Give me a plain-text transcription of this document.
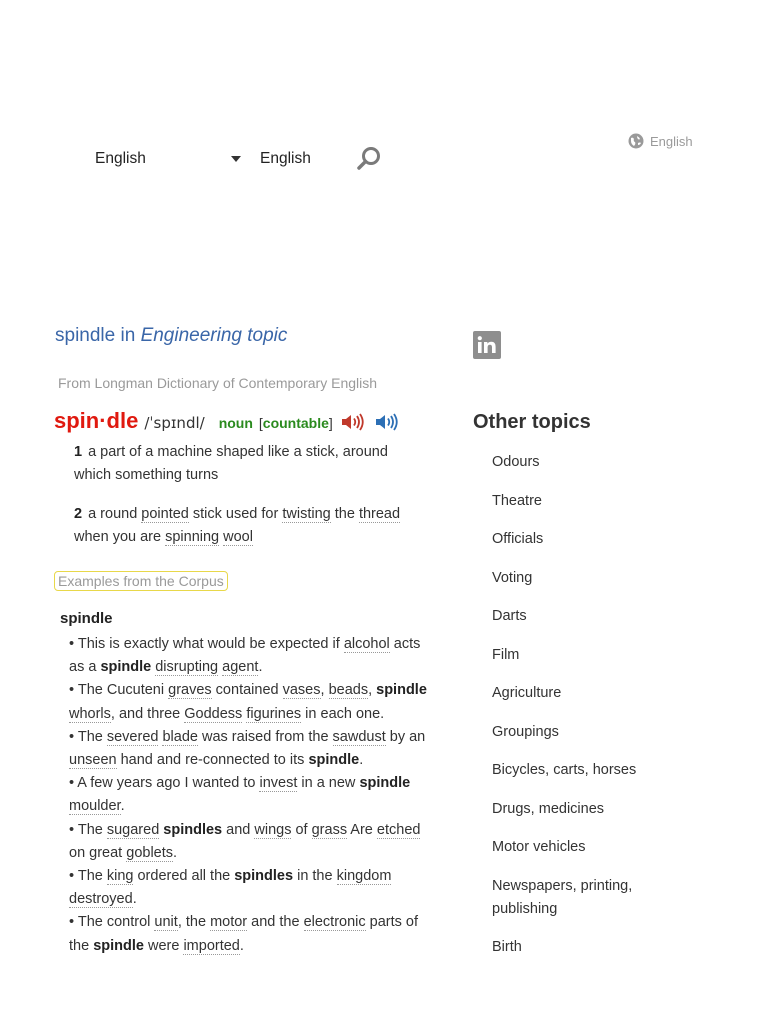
English	English
English
spindle in Engineering topic
From Longman Dictionary of Contemporary English
spin·dle /ˈspɪndl/ noun [countable]
1 a part of a machine shaped like a stick, around which something turns
2 a round pointed stick used for twisting the thread when you are spinning wool
Examples from the Corpus
spindle

• This is exactly what would be expected if alcohol acts as a spindle disrupting agent.

• The Cucuteni graves contained vases, beads, spindle whorls, and three Goddess figurines in each one.

• The severed blade was raised from the sawdust by an unseen hand and re-connected to its spindle.

• A few years ago I wanted to invest in a new spindle moulder.

• The sugared spindles and wings of grass Are etched on great goblets.

• The king ordered all the spindles in the kingdom destroyed.

• The control unit, the motor and the electronic parts of the spindle were imported.

Other topics
Odours
Theatre
Officials
Voting
Darts
Film
Agriculture
Groupings
Bicycles, carts, horses
Drugs, medicines
Motor vehicles
Newspapers, printing, publishing
Birth
